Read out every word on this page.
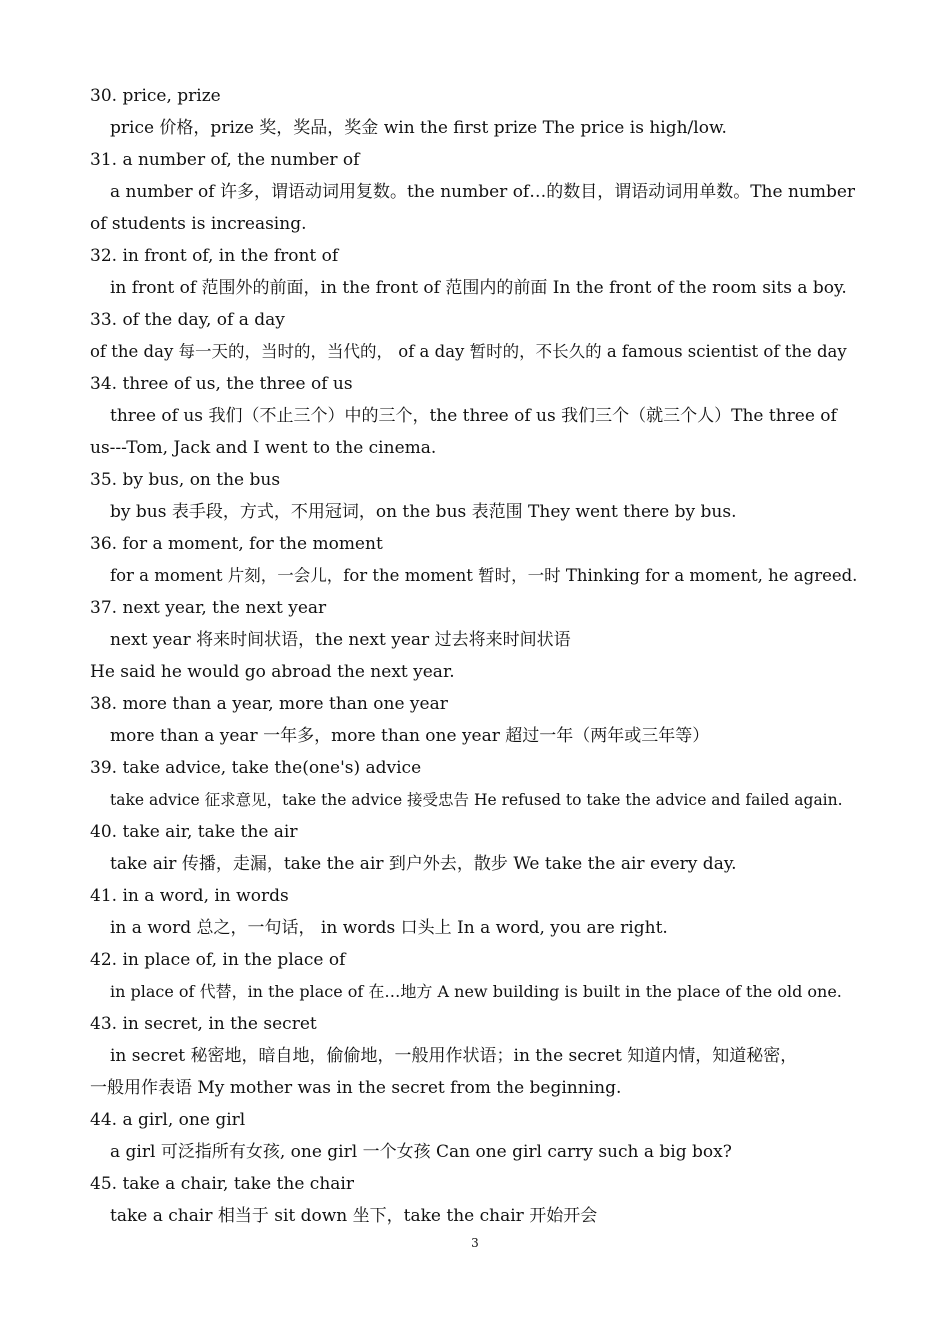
30. price, prize
price 价格，prize 奖，奖品，奖金 win the first prize The price is high/low.
31. a number of, the number of
a number of 许多，谓语动词用复数。the number of…的数目，谓语动词用单数。The number
of students is increasing.
32. in front of, in the front of
in front of 范围外的前面，in the front of 范围内的前面 In the front of the room sits a boy.
33. of the day, of a day
of the day 每一天的，当时的，当代的， of a day 暂时的，不长久的 a famous scientist of the day
34. three of us, the three of us
three of us 我们（不止三个）中的三个，the three of us 我们三个（就三个人）The three of
us---Tom, Jack and I went to the cinema.
35. by bus, on the bus
by bus 表手段，方式，不用冠词，on the bus 表范围 They went there by bus.
36. for a moment, for the moment
for a moment 片刻，一会儿，for the moment 暂时，一时 Thinking for a moment, he agreed.
37. next year, the next year
next year 将来时间状语，the next year 过去将来时间状语
He said he would go abroad the next year.
38. more than a year, more than one year
more than a year 一年多，more than one year 超过一年（两年或三年等）
39. take advice, take the(one's) advice
take advice 征求意见，take the advice 接受忠告 He refused to take the advice and failed again.
40. take air, take the air
take air 传播，走漏，take the air 到户外去，散步 We take the air every day.
41. in a word, in words
in a word 总之，一句话， in words 口头上 In a word, you are right.
42. in place of, in the place of
in place of 代替，in the place of 在…地方 A new building is built in the place of the old one.
43. in secret, in the secret
in secret 秘密地，暗自地，偷偷地，一般用作状语；in the secret 知道内情，知道秘密，
一般用作表语 My mother was in the secret from the beginning.
44. a girl, one girl
a girl 可泛指所有女孩, one girl 一个女孩 Can one girl carry such a big box?
45. take a chair, take the chair
take a chair 相当于 sit down 坐下，take the chair 开始开会
3
